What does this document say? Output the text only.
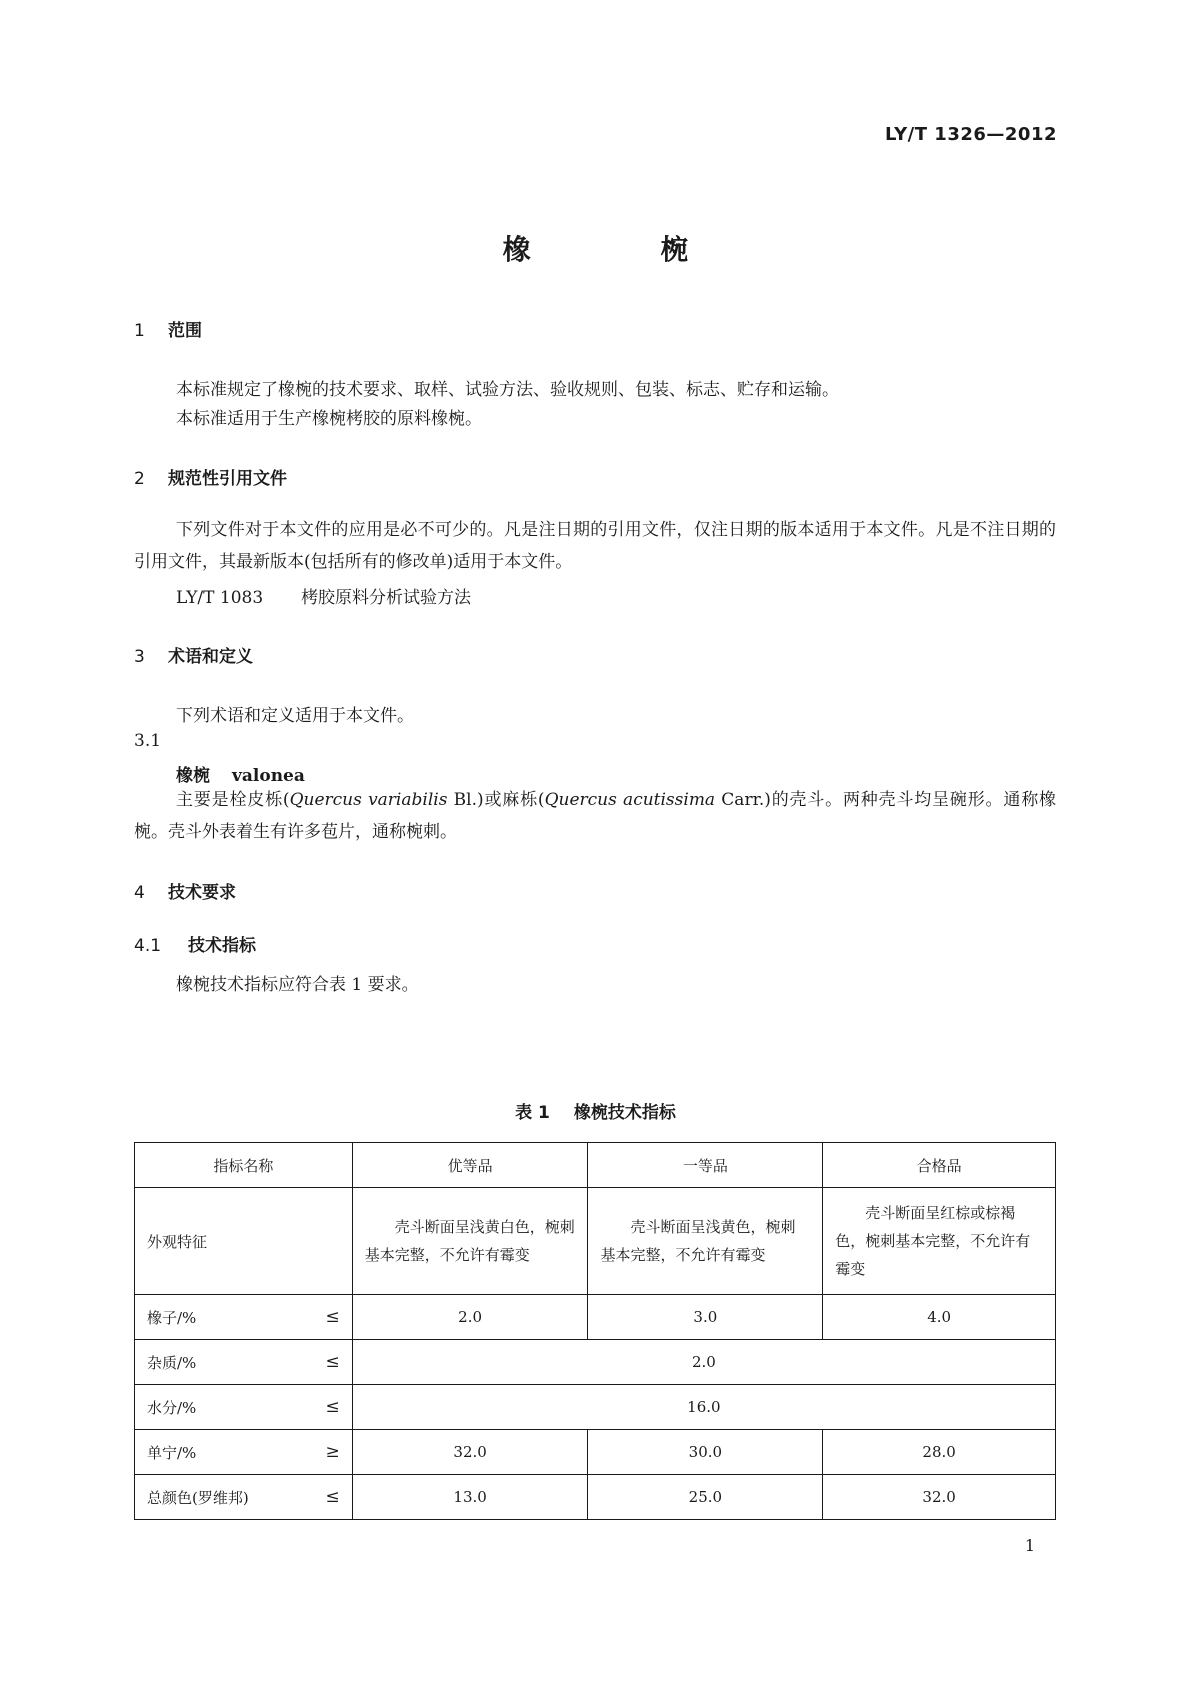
LY/T 1326—2012
橡 椀
1 范围
本标准规定了橡椀的技术要求、取样、试验方法、验收规则、包装、标志、贮存和运输。
本标准适用于生产橡椀栲胶的原料橡椀。
2 规范性引用文件
下列文件对于本文件的应用是必不可少的。凡是注日期的引用文件，仅注日期的版本适用于本文件。凡是不注日期的引用文件，其最新版本(包括所有的修改单)适用于本文件。
LY/T 1083 栲胶原料分析试验方法
3 术语和定义
下列术语和定义适用于本文件。
3.1
橡椀 valonea
主要是栓皮栎(Quercus variabilis Bl.)或麻栎(Quercus acutissima Carr.)的壳斗。两种壳斗均呈碗形。通称橡椀。壳斗外表着生有许多苞片，通称椀刺。
4 技术要求
4.1 技术指标
橡椀技术指标应符合表 1 要求。
表 1 橡椀技术指标
指标名称	优等品	一等品	合格品
外观特征	壳斗断面呈浅黄白色，椀刺基本完整，不允许有霉变	壳斗断面呈浅黄色，椀刺基本完整，不允许有霉变	壳斗断面呈红棕或棕褐色，椀刺基本完整，不允许有霉变
橡子/% ≤	2.0	3.0	4.0
杂质/% ≤	2.0		
水分/% ≤	16.0		
单宁/% ≥	32.0	30.0	28.0
总颜色(罗维邦) ≤	13.0	25.0	32.0
1
